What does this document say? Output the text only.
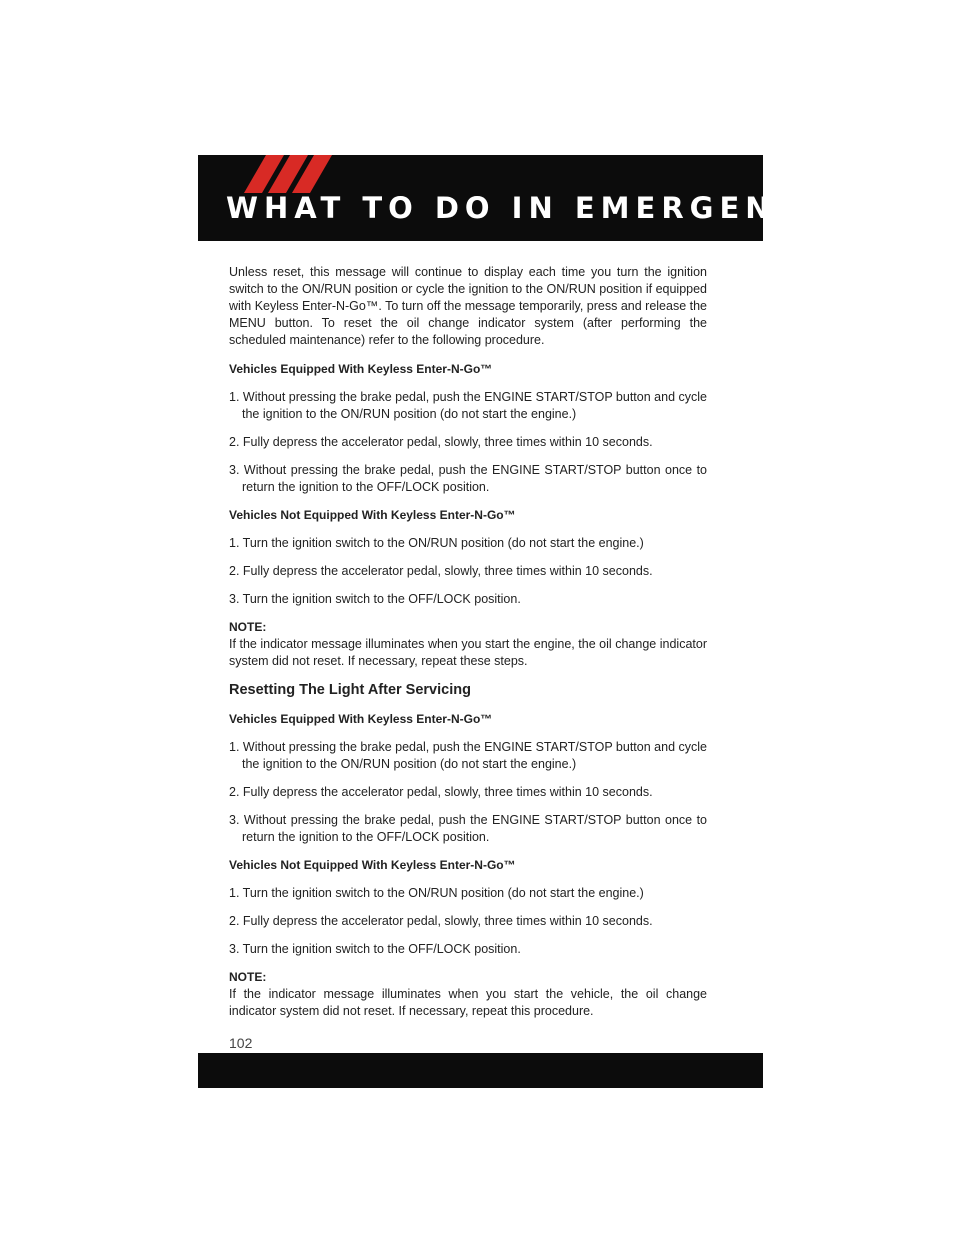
WHAT TO DO IN EMERGENCIES

Unless reset, this message will continue to display each time you turn the ignition switch to the ON/RUN position or cycle the ignition to the ON/RUN position if equipped with Keyless Enter-N-Go™. To turn off the message temporarily, press and release the MENU button. To reset the oil change indicator system (after performing the scheduled maintenance) refer to the following procedure.

Vehicles Equipped With Keyless Enter-N-Go™

1. Without pressing the brake pedal, push the ENGINE START/STOP button and cycle the ignition to the ON/RUN position (do not start the engine.)

2. Fully depress the accelerator pedal, slowly, three times within 10 seconds.

3. Without pressing the brake pedal, push the ENGINE START/STOP button once to return the ignition to the OFF/LOCK position.

Vehicles Not Equipped With Keyless Enter-N-Go™

1. Turn the ignition switch to the ON/RUN position (do not start the engine.)

2. Fully depress the accelerator pedal, slowly, three times within 10 seconds.

3. Turn the ignition switch to the OFF/LOCK position.

NOTE:

If the indicator message illuminates when you start the engine, the oil change indicator system did not reset. If necessary, repeat these steps.

Resetting The Light After Servicing

Vehicles Equipped With Keyless Enter-N-Go™

1. Without pressing the brake pedal, push the ENGINE START/STOP button and cycle the ignition to the ON/RUN position (do not start the engine.)

2. Fully depress the accelerator pedal, slowly, three times within 10 seconds.

3. Without pressing the brake pedal, push the ENGINE START/STOP button once to return the ignition to the OFF/LOCK position.

Vehicles Not Equipped With Keyless Enter-N-Go™

1. Turn the ignition switch to the ON/RUN position (do not start the engine.)

2. Fully depress the accelerator pedal, slowly, three times within 10 seconds.

3. Turn the ignition switch to the OFF/LOCK position.

NOTE:

If the indicator message illuminates when you start the vehicle, the oil change indicator system did not reset. If necessary, repeat this procedure.

102
